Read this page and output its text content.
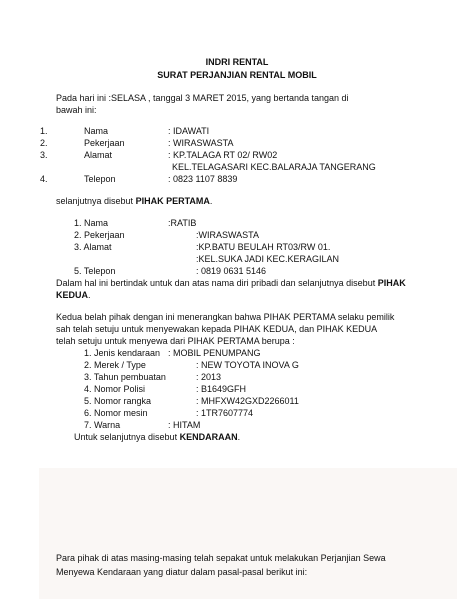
INDRI RENTAL
SURAT PERJANJIAN RENTAL MOBIL
Pada hari ini :SELASA , tanggal 3 MARET 2015, yang bertanda tangan di
bawah ini:
1.	Nama	: IDAWATI
2.	Pekerjaan	: WIRASWASTA
3.	Alamat	: KP.TALAGA RT 02/ RW02
KEL.TELAGASARI KEC.BALARAJA TANGERANG
4.	Telepon	: 0823 1107 8839
selanjutnya disebut PIHAK PERTAMA.
1. Nama	:RATIB
2. Pekerjaan	:WIRASWASTA
3. Alamat	:KP.BATU BEULAH RT03/RW 01.
:KEL.SUKA JADI KEC.KERAGILAN
5. Telepon	: 0819 0631 5146
Dalam hal ini bertindak untuk dan atas nama diri pribadi dan selanjutnya disebut PIHAK
KEDUA.
Kedua belah pihak dengan ini menerangkan bahwa PIHAK PERTAMA selaku pemilik
sah telah setuju untuk menyewakan kepada PIHAK KEDUA, dan PIHAK KEDUA
telah setuju untuk menyewa dari PIHAK PERTAMA berupa :
1. Jenis kendaraan : MOBIL PENUMPANG
2. Merek / Type	: NEW TOYOTA INOVA G
3. Tahun pembuatan	: 2013
4. Nomor Polisi	: B1649GFH
5. Nomor rangka	: MHFXW42GXD2266011
6. Nomor mesin	: 1TR7607774
7. Warna	: HITAM
Untuk selanjutnya disebut KENDARAAN.
Para pihak di atas masing-masing telah sepakat untuk melakukan Perjanjian Sewa
Menyewa Kendaraan yang diatur dalam pasal-pasal berikut ini:
